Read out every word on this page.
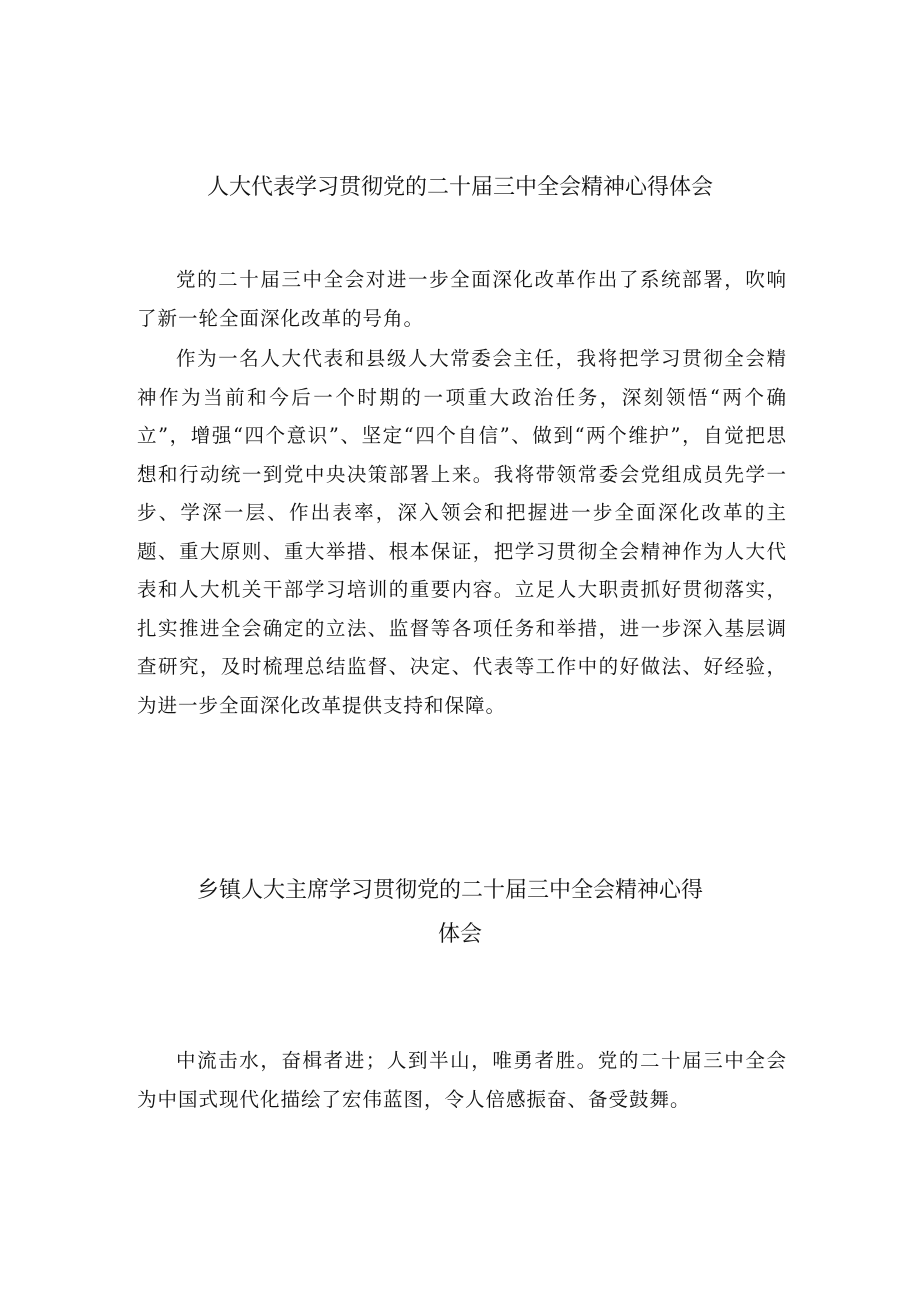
人大代表学习贯彻党的二十届三中全会精神心得体会

党的二十届三中全会对进一步全面深化改革作出了系统部署，吹响了新一轮全面深化改革的号角。

作为一名人大代表和县级人大常委会主任，我将把学习贯彻全会精神作为当前和今后一个时期的一项重大政治任务，深刻领悟“两个确立”，增强“四个意识”、坚定“四个自信”、做到“两个维护”，自觉把思想和行动统一到党中央决策部署上来。我将带领常委会党组成员先学一步、学深一层、作出表率，深入领会和把握进一步全面深化改革的主题、重大原则、重大举措、根本保证，把学习贯彻全会精神作为人大代表和人大机关干部学习培训的重要内容。立足人大职责抓好贯彻落实，扎实推进全会确定的立法、监督等各项任务和举措，进一步深入基层调查研究，及时梳理总结监督、决定、代表等工作中的好做法、好经验，为进一步全面深化改革提供支持和保障。

乡镇人大主席学习贯彻党的二十届三中全会精神心得
体会

中流击水，奋楫者进；人到半山，唯勇者胜。党的二十届三中全会为中国式现代化描绘了宏伟蓝图，令人倍感振奋、备受鼓舞。
